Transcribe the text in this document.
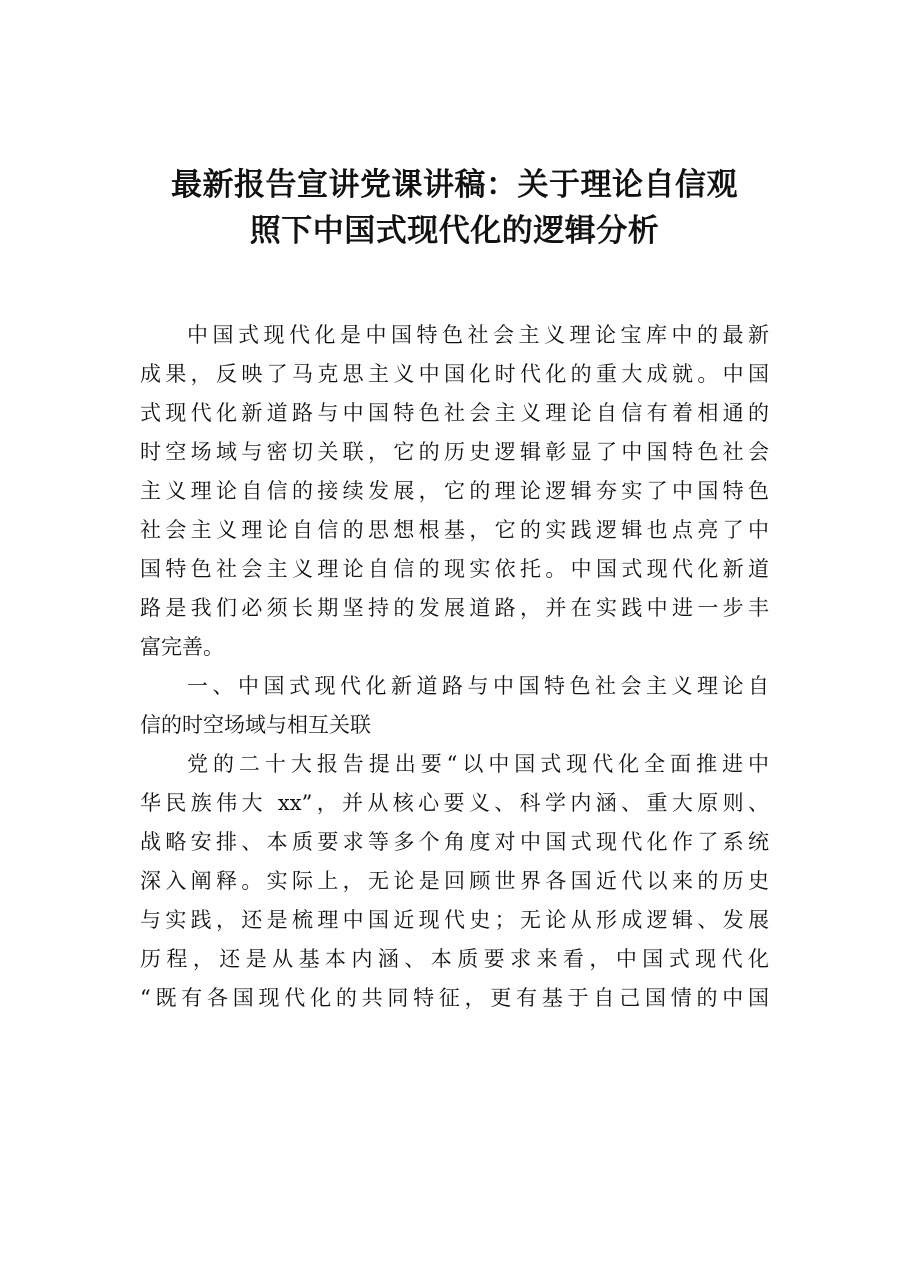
最新报告宣讲党课讲稿：关于理论自信观
照下中国式现代化的逻辑分析
中国式现代化是中国特色社会主义理论宝库中的最新
成果，反映了马克思主义中国化时代化的重大成就。中国
式现代化新道路与中国特色社会主义理论自信有着相通的
时空场域与密切关联，它的历史逻辑彰显了中国特色社会
主义理论自信的接续发展，它的理论逻辑夯实了中国特色
社会主义理论自信的思想根基，它的实践逻辑也点亮了中
国特色社会主义理论自信的现实依托。中国式现代化新道
路是我们必须长期坚持的发展道路，并在实践中进一步丰
富完善。
一、中国式现代化新道路与中国特色社会主义理论自
信的时空场域与相互关联
党的二十大报告提出要“以中国式现代化全面推进中
华民族伟大 xx”，并从核心要义、科学内涵、重大原则、
战略安排、本质要求等多个角度对中国式现代化作了系统
深入阐释。实际上，无论是回顾世界各国近代以来的历史
与实践，还是梳理中国近现代史；无论从形成逻辑、发展
历程，还是从基本内涵、本质要求来看，中国式现代化
“既有各国现代化的共同特征，更有基于自己国情的中国
